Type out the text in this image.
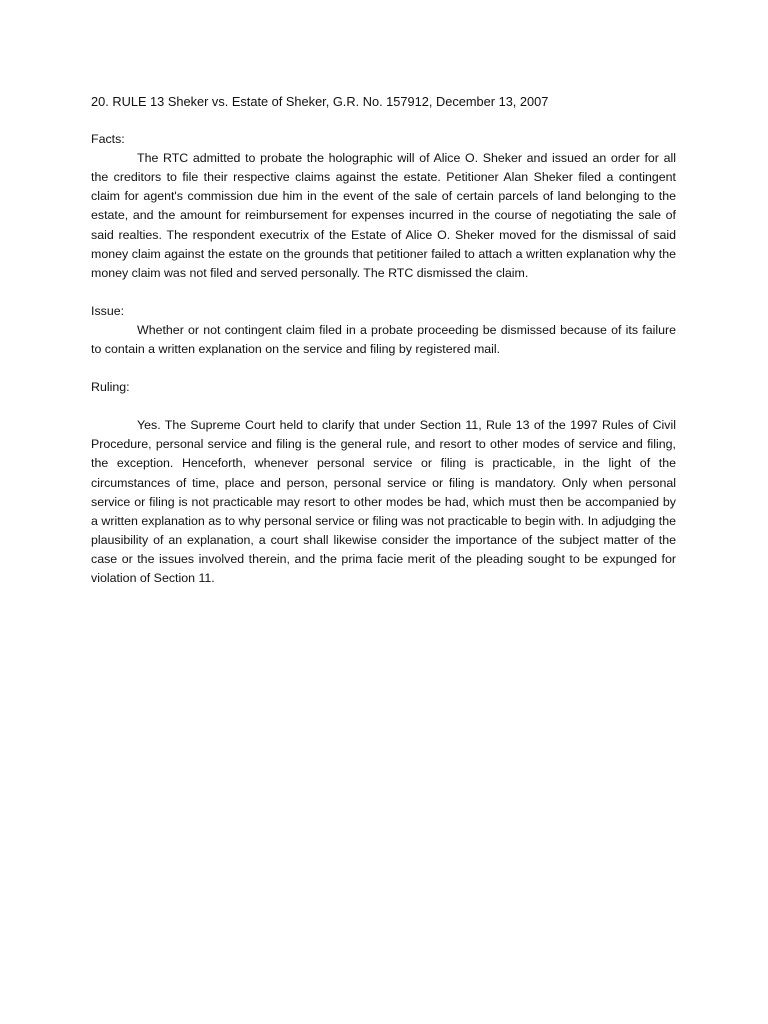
20. RULE 13 Sheker vs. Estate of Sheker, G.R. No. 157912, December 13, 2007

Facts:

The RTC admitted to probate the holographic will of Alice O. Sheker and issued an order for all the creditors to file their respective claims against the estate. Petitioner Alan Sheker filed a contingent claim for agent's commission due him in the event of the sale of certain parcels of land belonging to the estate, and the amount for reimbursement for expenses incurred in the course of negotiating the sale of said realties. The respondent executrix of the Estate of Alice O. Sheker moved for the dismissal of said money claim against the estate on the grounds that petitioner failed to attach a written explanation why the money claim was not filed and served personally. The RTC dismissed the claim.

Issue:

Whether or not contingent claim filed in a probate proceeding be dismissed because of its failure to contain a written explanation on the service and filing by registered mail.

Ruling:

Yes. The Supreme Court held to clarify that under Section 11, Rule 13 of the 1997 Rules of Civil Procedure, personal service and filing is the general rule, and resort to other modes of service and filing, the exception. Henceforth, whenever personal service or filing is practicable, in the light of the circumstances of time, place and person, personal service or filing is mandatory. Only when personal service or filing is not practicable may resort to other modes be had, which must then be accompanied by a written explanation as to why personal service or filing was not practicable to begin with. In adjudging the plausibility of an explanation, a court shall likewise consider the importance of the subject matter of the case or the issues involved therein, and the prima facie merit of the pleading sought to be expunged for violation of Section 11.
